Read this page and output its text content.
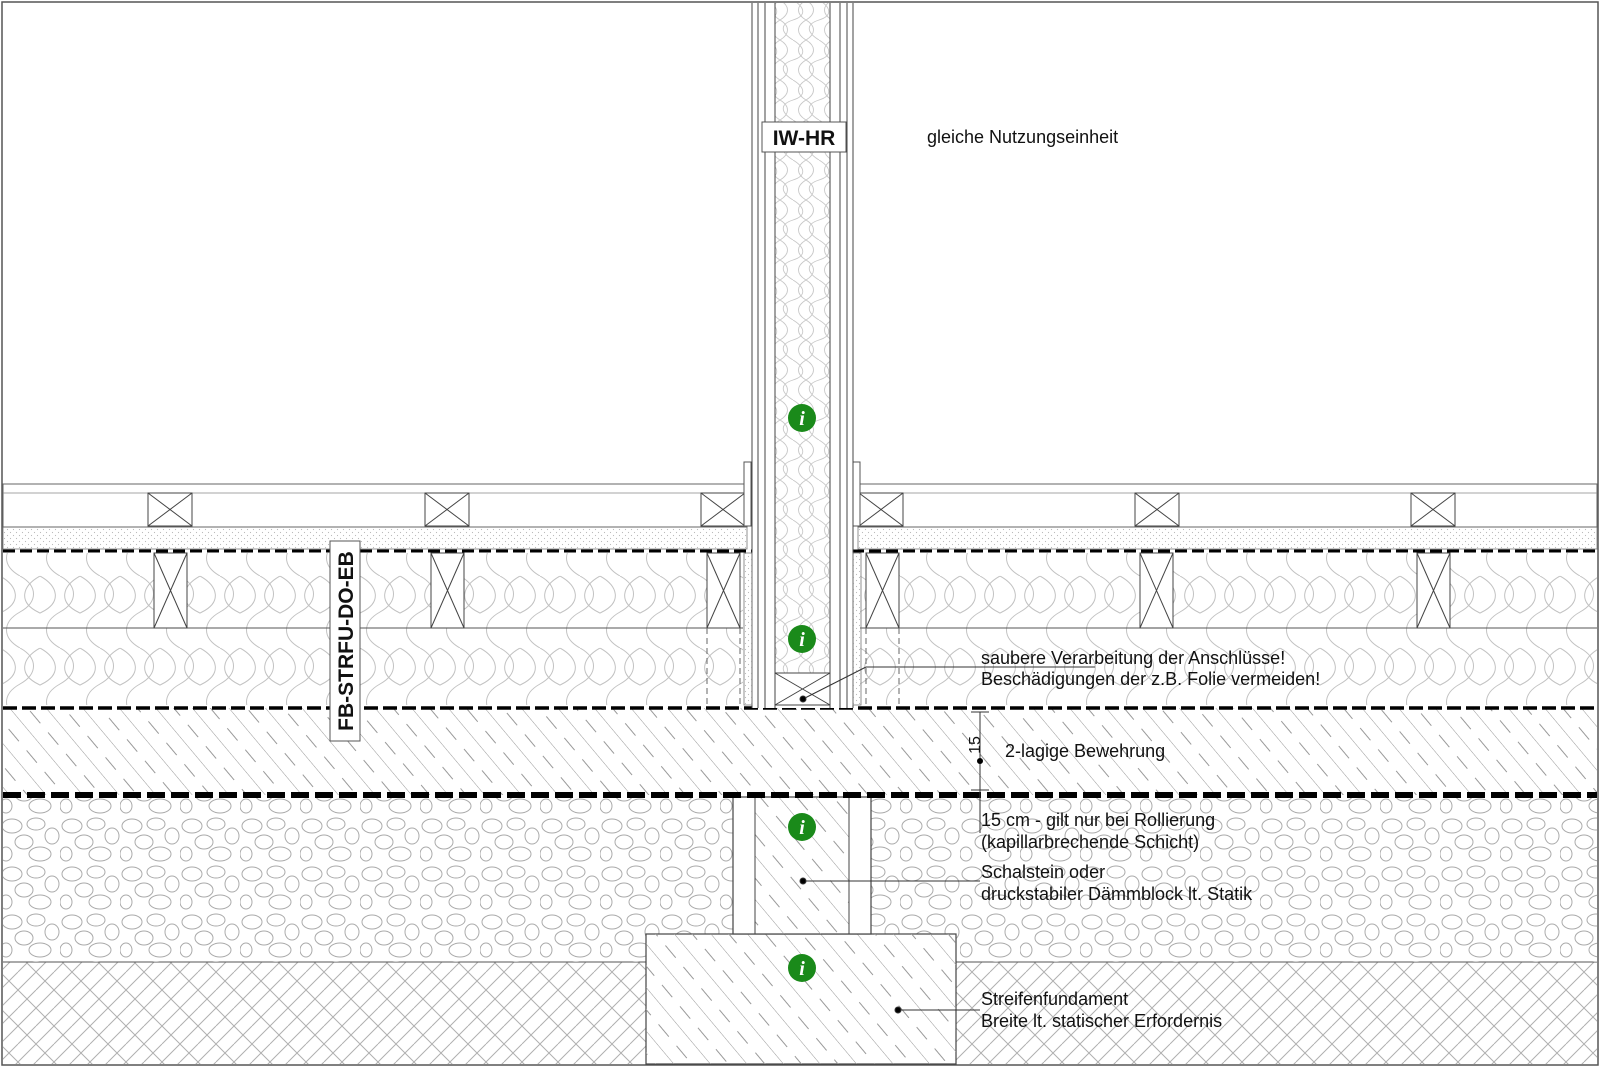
15
i
i
i
i
IW-HR
FB-STRFU-DO-EB
gleiche Nutzungseinheit
saubere Verarbeitung der Anschlüsse!
Beschädigungen der z.B. Folie vermeiden!
2-lagige Bewehrung
15 cm - gilt nur bei Rollierung
(kapillarbrechende Schicht)
Schalstein oder
druckstabiler Dämmblock lt. Statik
Streifenfundament
Breite lt. statischer Erfordernis
